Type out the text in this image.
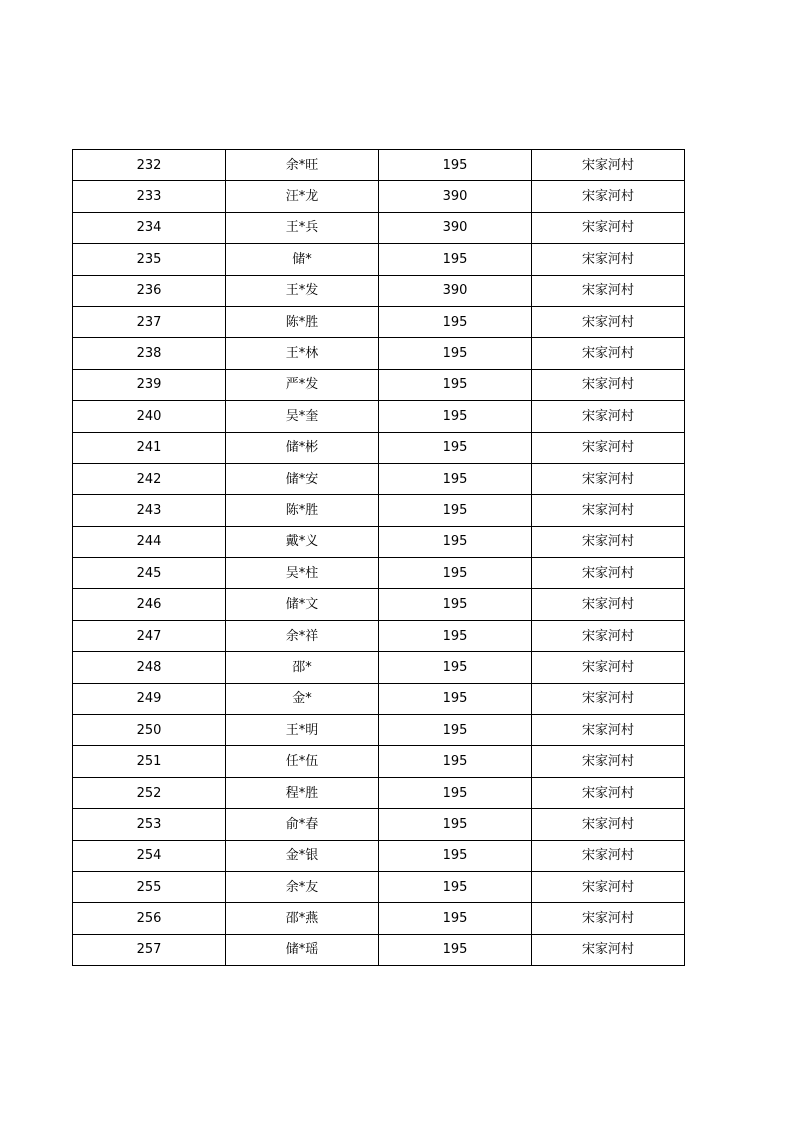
232	余*旺	195	宋家河村
233	汪*龙	390	宋家河村
234	王*兵	390	宋家河村
235	储*	195	宋家河村
236	王*发	390	宋家河村
237	陈*胜	195	宋家河村
238	王*林	195	宋家河村
239	严*发	195	宋家河村
240	吴*奎	195	宋家河村
241	储*彬	195	宋家河村
242	储*安	195	宋家河村
243	陈*胜	195	宋家河村
244	戴*义	195	宋家河村
245	吴*柱	195	宋家河村
246	储*文	195	宋家河村
247	余*祥	195	宋家河村
248	邵*	195	宋家河村
249	金*	195	宋家河村
250	王*明	195	宋家河村
251	任*伍	195	宋家河村
252	程*胜	195	宋家河村
253	俞*春	195	宋家河村
254	金*银	195	宋家河村
255	余*友	195	宋家河村
256	邵*燕	195	宋家河村
257	储*瑶	195	宋家河村
